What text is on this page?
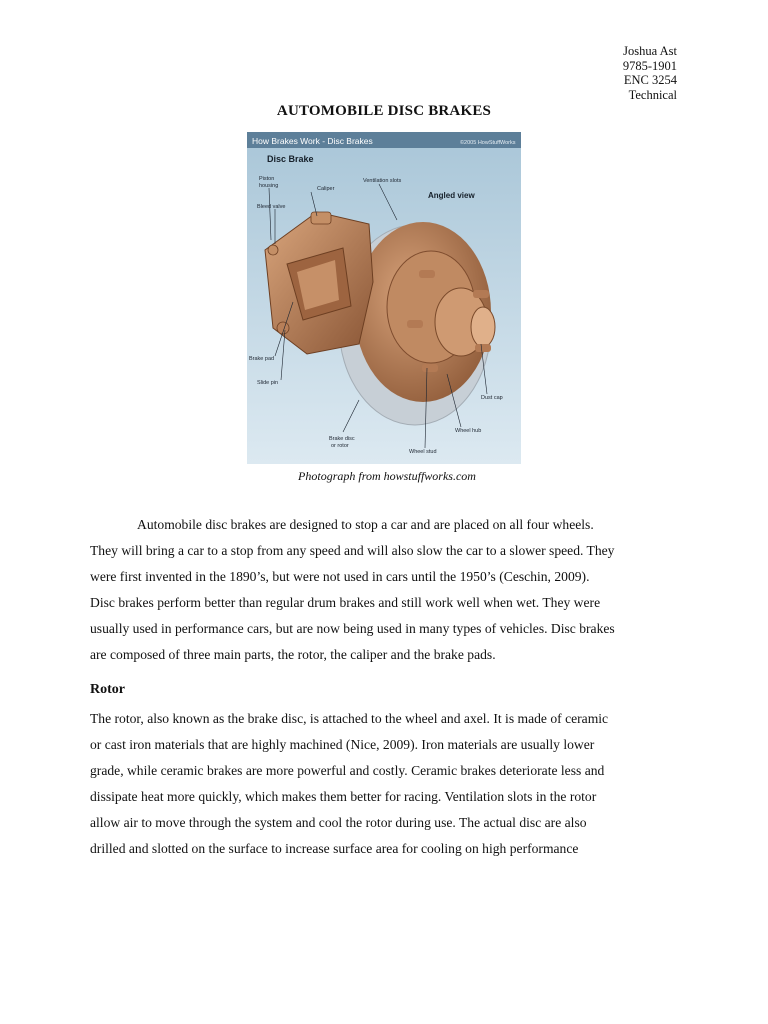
Joshua Ast
9785-1901
ENC 3254
Technical
AUTOMOBILE DISC BRAKES
How Brakes Work - Disc Brakes	©2005 HowStuffWorks
Disc Brake
Angled view
Piston
housing
Bleed valve
Caliper
Ventilation slots
Brake pad
Slide pin
Brake disc
or rotor
Wheel stud
Wheel hub
Dust cap
Photograph from howstuffworks.com
Automobile disc brakes are designed to stop a car and are placed on all four wheels.
They will bring a car to a stop from any speed and will also slow the car to a slower speed. They
were first invented in the 1890’s, but were not used in cars until the 1950’s (Ceschin, 2009).
Disc brakes perform better than regular drum brakes and still work well when wet. They were
usually used in performance cars, but are now being used in many types of vehicles. Disc brakes
are composed of three main parts, the rotor, the caliper and the brake pads.
Rotor
The rotor, also known as the brake disc, is attached to the wheel and axel. It is made of ceramic
or cast iron materials that are highly machined (Nice, 2009). Iron materials are usually lower
grade, while ceramic brakes are more powerful and costly. Ceramic brakes deteriorate less and
dissipate heat more quickly, which makes them better for racing. Ventilation slots in the rotor
allow air to move through the system and cool the rotor during use. The actual disc are also
drilled and slotted on the surface to increase surface area for cooling on high performance
